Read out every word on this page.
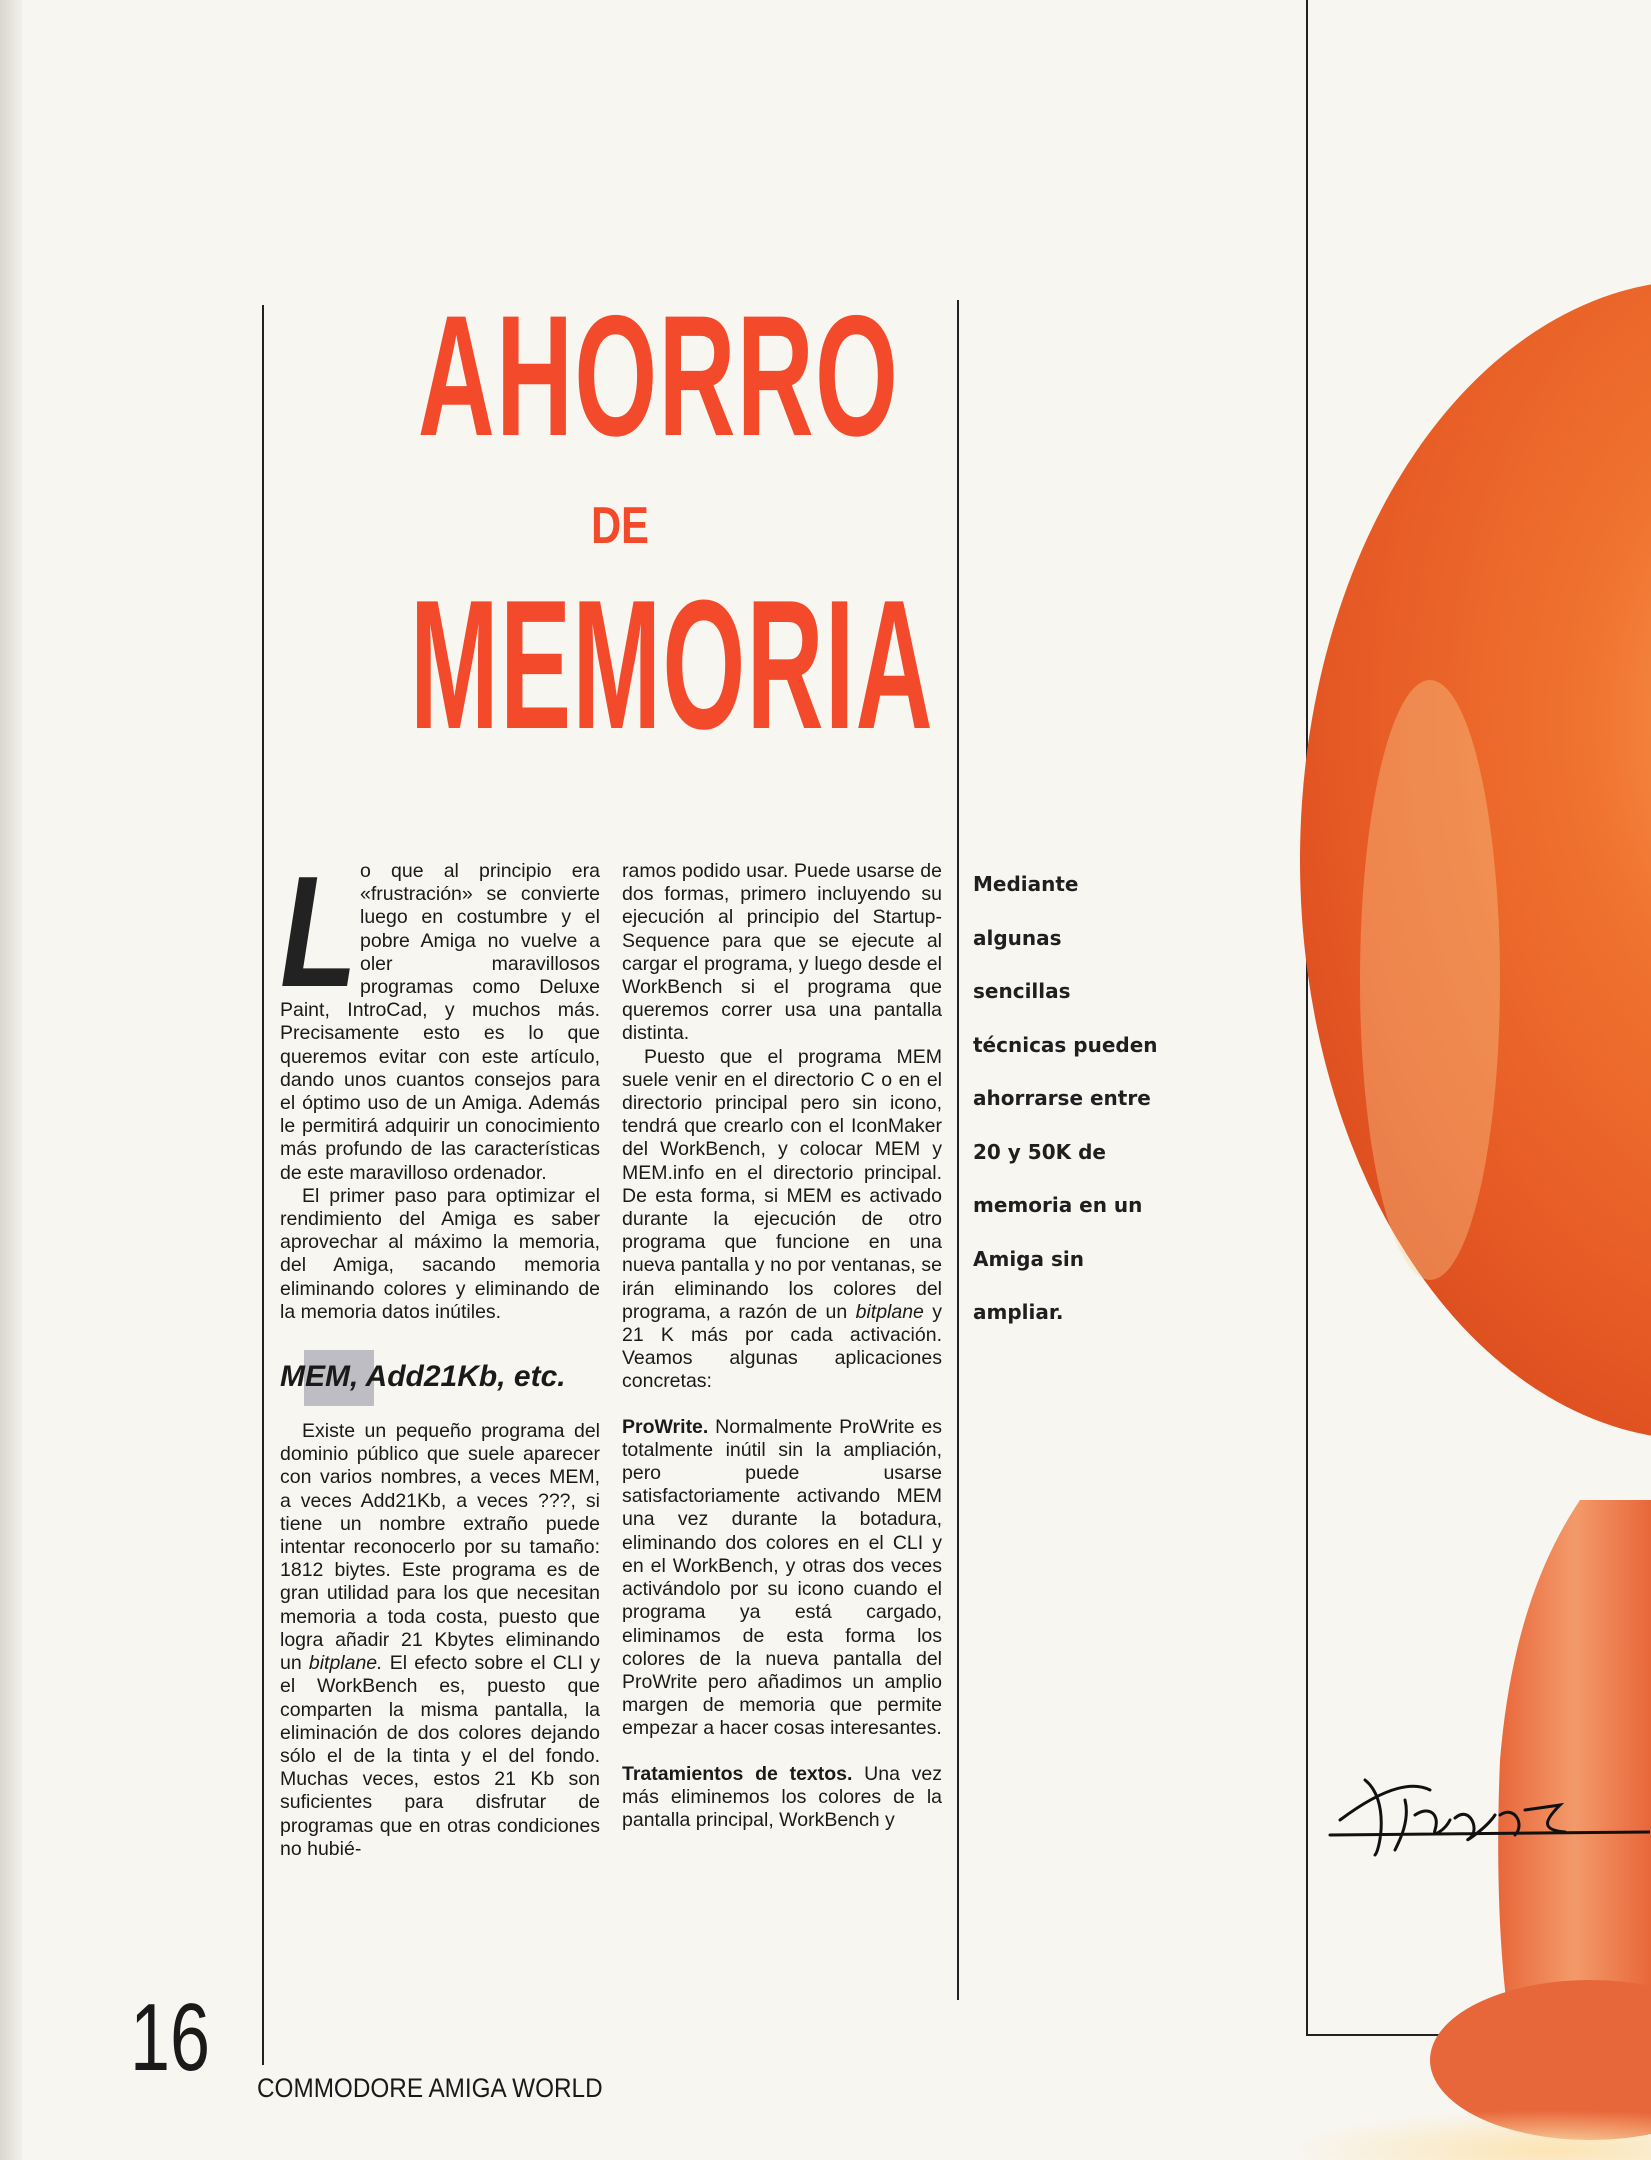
AHORRO
DE
MEMORIA
L o que al principio era «frustración» se convierte luego en costumbre y el pobre Amiga no vuelve a oler maravillosos programas como Deluxe Paint, IntroCad, y muchos más. Precisamente esto es lo que queremos evitar con este artículo, dando unos cuantos consejos para el óptimo uso de un Amiga. Además le permitirá adquirir un conocimiento más profundo de las características de este maravilloso ordenador.

El primer paso para optimizar el rendimiento del Amiga es saber aprovechar al máximo la memoria, del Amiga, sacando memoria eliminando colores y eliminando de la memoria datos inútiles.

MEM, Add21Kb, etc.

Existe un pequeño programa del dominio público que suele aparecer con varios nombres, a veces MEM, a veces Add21Kb, a veces ???, si tiene un nombre extraño puede intentar reconocerlo por su tamaño: 1812 biytes. Este programa es de gran utilidad para los que necesitan memoria a toda costa, puesto que logra añadir 21 Kbytes eliminando un bitplane. El efecto sobre el CLI y el WorkBench es, puesto que comparten la misma pantalla, la eliminación de dos colores dejando sólo el de la tinta y el del fondo. Muchas veces, estos 21 Kb son suficientes para disfrutar de programas que en otras condiciones no hubié-

ramos podido usar. Puede usarse de dos formas, primero incluyendo su ejecución al principio del Startup-Sequence para que se ejecute al cargar el programa, y luego desde el WorkBench si el programa que queremos correr usa una pantalla distinta.

Puesto que el programa MEM suele venir en el directorio C o en el directorio principal pero sin icono, tendrá que crearlo con el IconMaker del WorkBench, y colocar MEM y MEM.info en el directorio principal. De esta forma, si MEM es activado durante la ejecución de otro programa que funcione en una nueva pantalla y no por ventanas, se irán eliminando los colores del programa, a razón de un bitplane y 21 K más por cada activación. Veamos algunas aplicaciones concretas:

ProWrite. Normalmente ProWrite es totalmente inútil sin la ampliación, pero puede usarse satisfactoriamente activando MEM una vez durante la botadura, eliminando dos colores en el CLI y en el WorkBench, y otras dos veces activándolo por su icono cuando el programa ya está cargado, eliminamos de esta forma los colores de la nueva pantalla del ProWrite pero añadimos un amplio margen de memoria que permite empezar a hacer cosas interesantes.

Tratamientos de textos. Una vez más eliminemos los colores de la pantalla principal, WorkBench y

Mediante
algunas
sencillas
técnicas pueden
ahorrarse entre
20 y 50K de
memoria en un
Amiga sin
ampliar.
16 COMMODORE AMIGA WORLD
